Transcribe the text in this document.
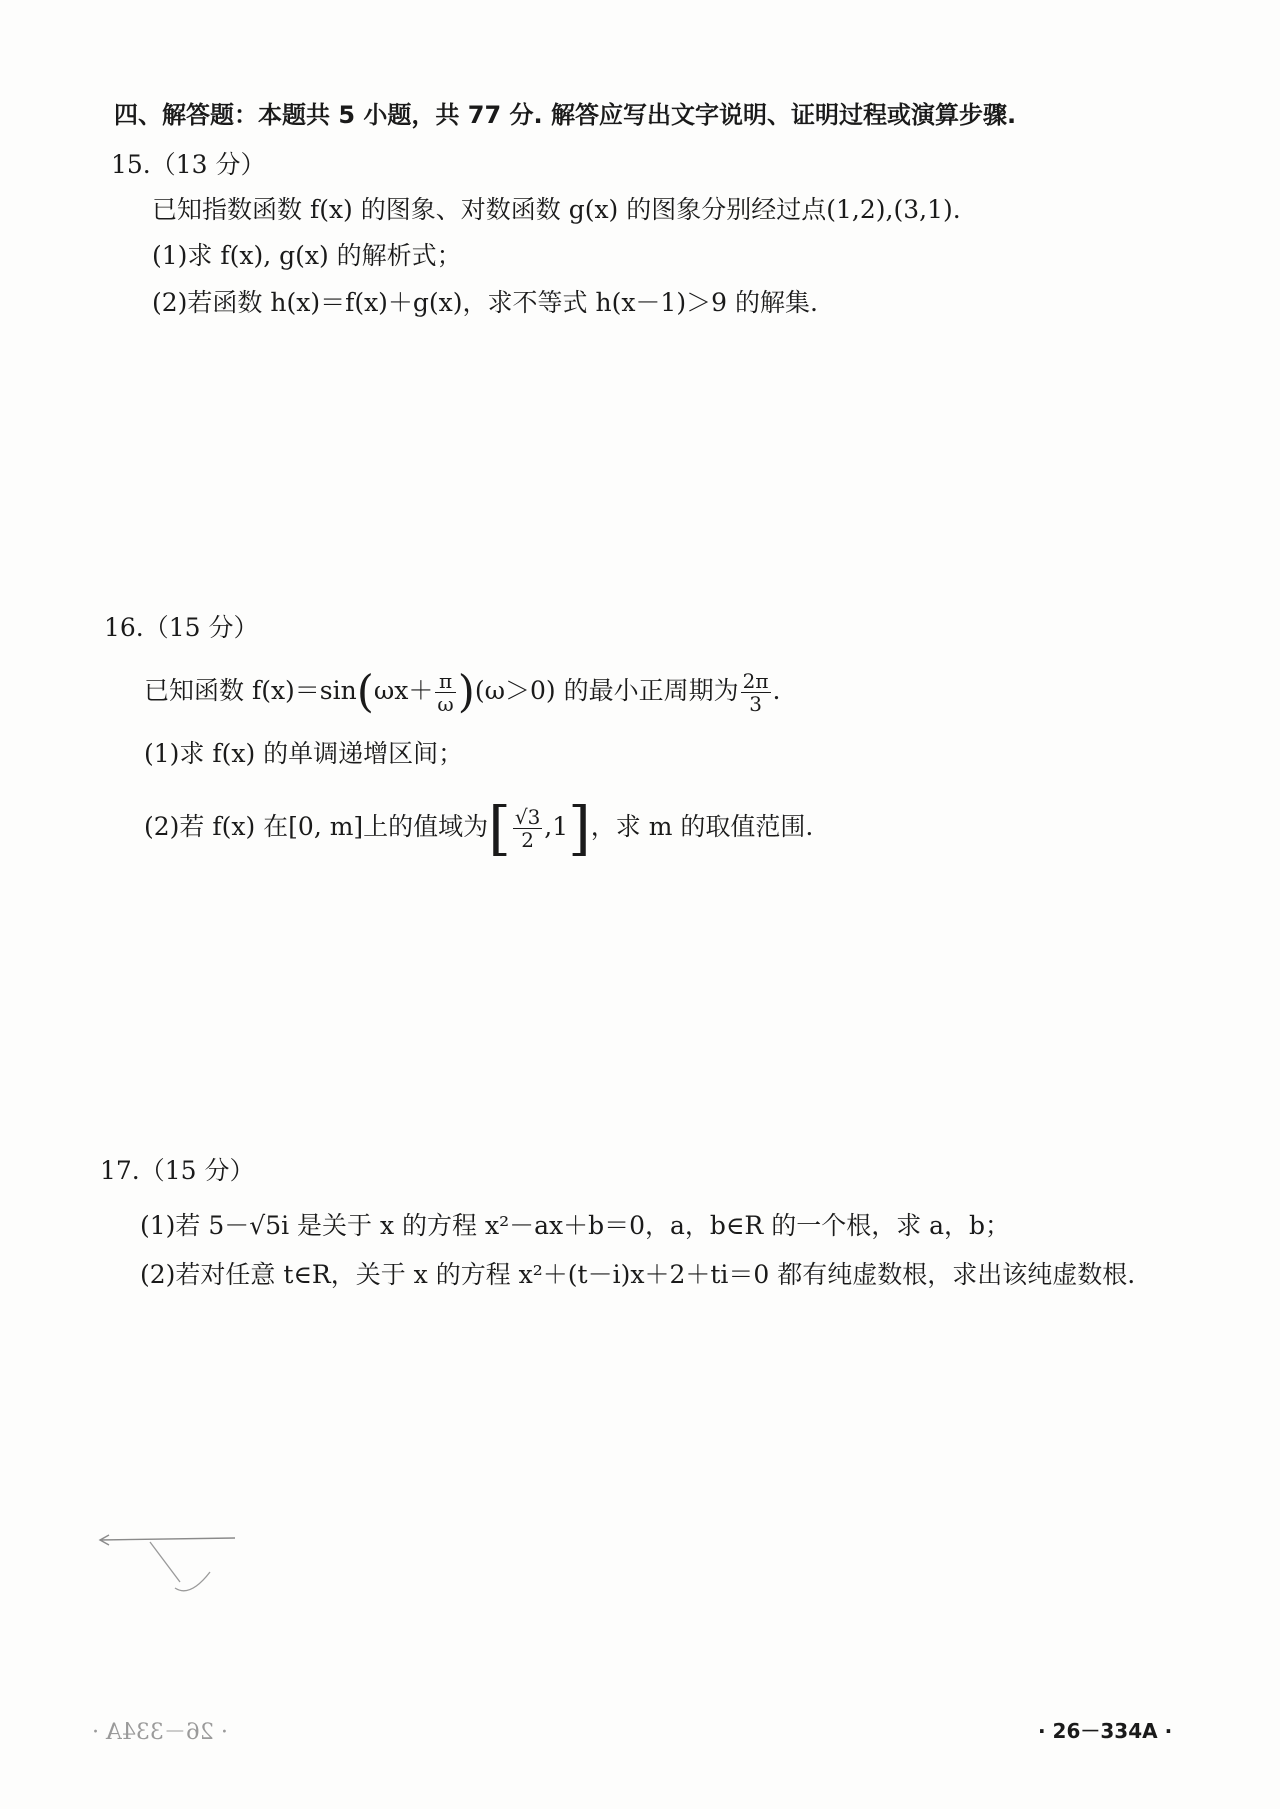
四、解答题：本题共 5 小题，共 77 分. 解答应写出文字说明、证明过程或演算步骤.
15.（13 分）
已知指数函数 f(x) 的图象、对数函数 g(x) 的图象分别经过点(1,2),(3,1).
(1)求 f(x), g(x) 的解析式；
(2)若函数 h(x)＝f(x)＋g(x)，求不等式 h(x－1)＞9 的解集.
16.（15 分）
已知函数 $f(x)=\sin(\omega x+ \frac{\pi}{\omega} )(\omega>0)$ 的最小正周期为 $\frac{2\pi}{3}$ .
(1)求 f(x) 的单调递增区间；
(2)若 f(x) 在[0, m]上的值域为[ $\frac{√3}{2} ,1$]，求 m 的取值范围.
17.（15 分）
(1)若 5－√5i 是关于 x 的方程 x²－ax＋b＝0，a，b∈R 的一个根，求 a，b；
(2)若对任意 t∈R，关于 x 的方程 x²＋(t－i)x＋2＋ti＝0 都有纯虚数根，求出该纯虚数根.
· 26－334A ·	· 26－334A ·
